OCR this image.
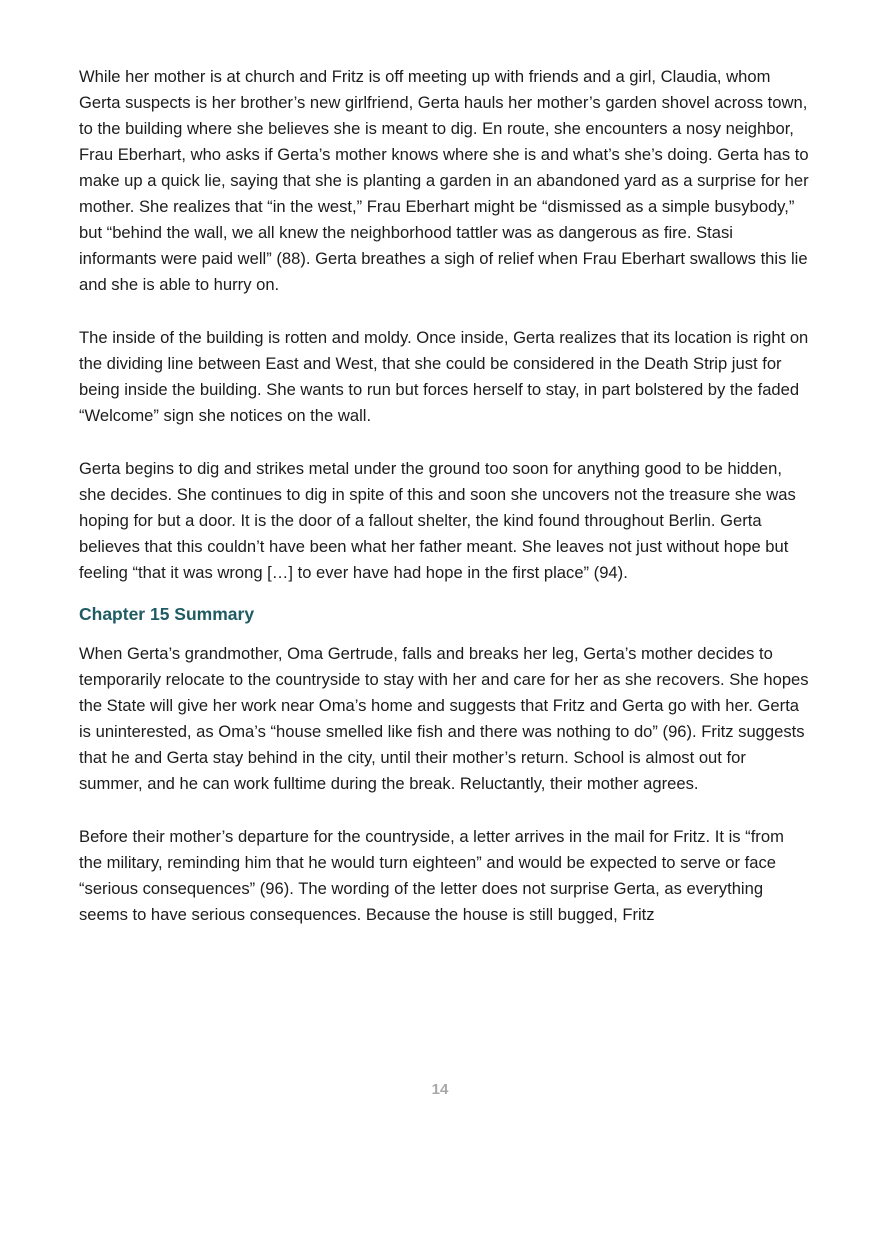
While her mother is at church and Fritz is off meeting up with friends and a girl, Claudia, whom Gerta suspects is her brother’s new girlfriend, Gerta hauls her mother’s garden shovel across town, to the building where she believes she is meant to dig. En route, she encounters a nosy neighbor, Frau Eberhart, who asks if Gerta’s mother knows where she is and what’s she’s doing. Gerta has to make up a quick lie, saying that she is planting a garden in an abandoned yard as a surprise for her mother. She realizes that “in the west,” Frau Eberhart might be “dismissed as a simple busybody,” but “behind the wall, we all knew the neighborhood tattler was as dangerous as fire. Stasi informants were paid well” (88). Gerta breathes a sigh of relief when Frau Eberhart swallows this lie and she is able to hurry on.

The inside of the building is rotten and moldy. Once inside, Gerta realizes that its location is right on the dividing line between East and West, that she could be considered in the Death Strip just for being inside the building. She wants to run but forces herself to stay, in part bolstered by the faded “Welcome” sign she notices on the wall.

Gerta begins to dig and strikes metal under the ground too soon for anything good to be hidden, she decides. She continues to dig in spite of this and soon she uncovers not the treasure she was hoping for but a door. It is the door of a fallout shelter, the kind found throughout Berlin. Gerta believes that this couldn’t have been what her father meant. She leaves not just without hope but feeling “that it was wrong […] to ever have had hope in the first place” (94).

Chapter 15 Summary

When Gerta’s grandmother, Oma Gertrude, falls and breaks her leg, Gerta’s mother decides to temporarily relocate to the countryside to stay with her and care for her as she recovers. She hopes the State will give her work near Oma’s home and suggests that Fritz and Gerta go with her. Gerta is uninterested, as Oma’s “house smelled like fish and there was nothing to do” (96). Fritz suggests that he and Gerta stay behind in the city, until their mother’s return. School is almost out for summer, and he can work fulltime during the break. Reluctantly, their mother agrees.

Before their mother’s departure for the countryside, a letter arrives in the mail for Fritz. It is “from the military, reminding him that he would turn eighteen” and would be expected to serve or face “serious consequences” (96). The wording of the letter does not surprise Gerta, as everything seems to have serious consequences. Because the house is still bugged, Fritz

14
